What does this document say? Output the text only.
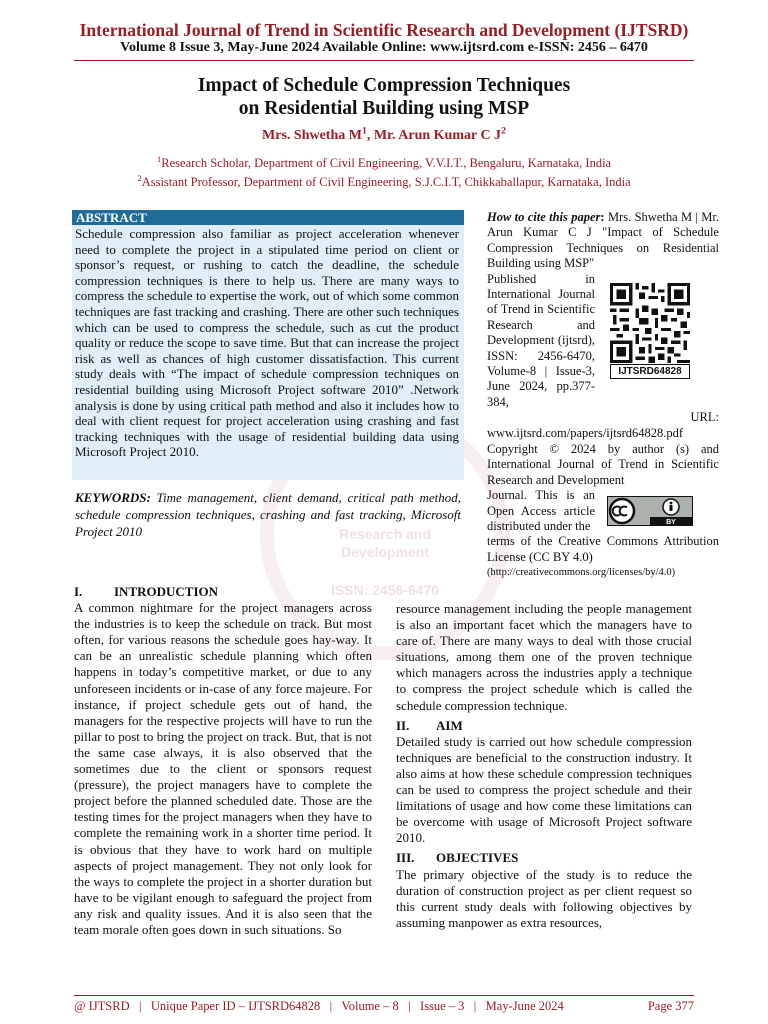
International Journal of Trend in Scientific Research and Development (IJTSRD)
Volume 8 Issue 3, May-June 2024 Available Online: www.ijtsrd.com e-ISSN: 2456 – 6470
Impact of Schedule Compression Techniques
on Residential Building using MSP
Mrs. Shwetha $M^1$, Mr. Arun Kumar C $J^2$
$^1$Research Scholar, Department of Civil Engineering, V.V.I.T., Bengaluru, Karnataka, India
$^2$Assistant Professor, Department of Civil Engineering, S.J.C.I.T, Chikkaballapur, Karnataka, India
Research and
Development
ISSN: 2456-6470
ABSTRACT
Schedule compression also familiar as project acceleration whenever need to complete the project in a stipulated time period on client or sponsor’s request, or rushing to catch the deadline, the schedule compression techniques is there to help us. There are many ways to compress the schedule to expertise the work, out of which some common techniques are fast tracking and crashing. There are other such techniques which can be used to compress the schedule, such as cut the product quality or reduce the scope to save time. But that can increase the project risk as well as chances of high customer dissatisfaction. This current study deals with “The impact of schedule compression techniques on residential building using Microsoft Project software 2010” .Network analysis is done by using critical path method and also it includes how to deal with client request for project acceleration using crashing and fast tracking techniques with the usage of residential building data using Microsoft Project 2010.
KEYWORDS: Time management, client demand, critical path method, schedule compression techniques, crashing and fast tracking, Microsoft Project 2010
How to cite this paper: Mrs. Shwetha M | Mr. Arun Kumar C J "Impact of Schedule Compression Techniques on Residential Building using MSP"
Published in International Journal of Trend in Scientific Research and Development (ijtsrd), ISSN: 2456-6470, Volume-8 | Issue-3, June 2024, pp.377-384,
URL:
www.ijtsrd.com/papers/ijtsrd64828.pdf
IJTSRD64828
Copyright © 2024 by author (s) and International Journal of Trend in Scientific Research and Development
Journal. This is an Open Access article distributed under the
terms of the Creative Commons Attribution License (CC BY 4.0)
(http://creativecommons.org/licenses/by/4.0)
BY
I. INTRODUCTION

A common nightmare for the project managers across the industries is to keep the schedule on track. But most often, for various reasons the schedule goes hay-way. It can be an unrealistic schedule planning which often happens in today’s competitive market, or due to any unforeseen incidents or in-case of any force majeure. For instance, if project schedule gets out of hand, the managers for the respective projects will have to run the pillar to post to bring the project on track. But, that is not the same case always, it is also observed that the sometimes due to the client or sponsors request (pressure), the project managers have to complete the project before the planned scheduled date. Those are the testing times for the project managers when they have to complete the remaining work in a shorter time period. It is obvious that they have to work hard on multiple aspects of project management. They not only look for the ways to complete the project in a shorter duration but have to be vigilant enough to safeguard the project from any risk and quality issues. And it is also seen that the team morale often goes down in such situations. So

resource management including the people management is also an important facet which the managers have to care of. There are many ways to deal with those crucial situations, among them one of the proven technique which managers across the industries apply a technique to compress the project schedule which is called the schedule compression technique.

II. AIM

Detailed study is carried out how schedule compression techniques are beneficial to the construction industry. It also aims at how these schedule compression techniques can be used to compress the project schedule and their limitations of usage and how come these limitations can be overcome with usage of Microsoft Project software 2010.

III. OBJECTIVES

The primary objective of the study is to reduce the duration of construction project as per client request so this current study deals with following objectives by assuming manpower as extra resources,

@ IJTSRD   |   Unique Paper ID – IJTSRD64828   |   Volume – 8   |   Issue – 3   |   May-June 2024	Page 377
